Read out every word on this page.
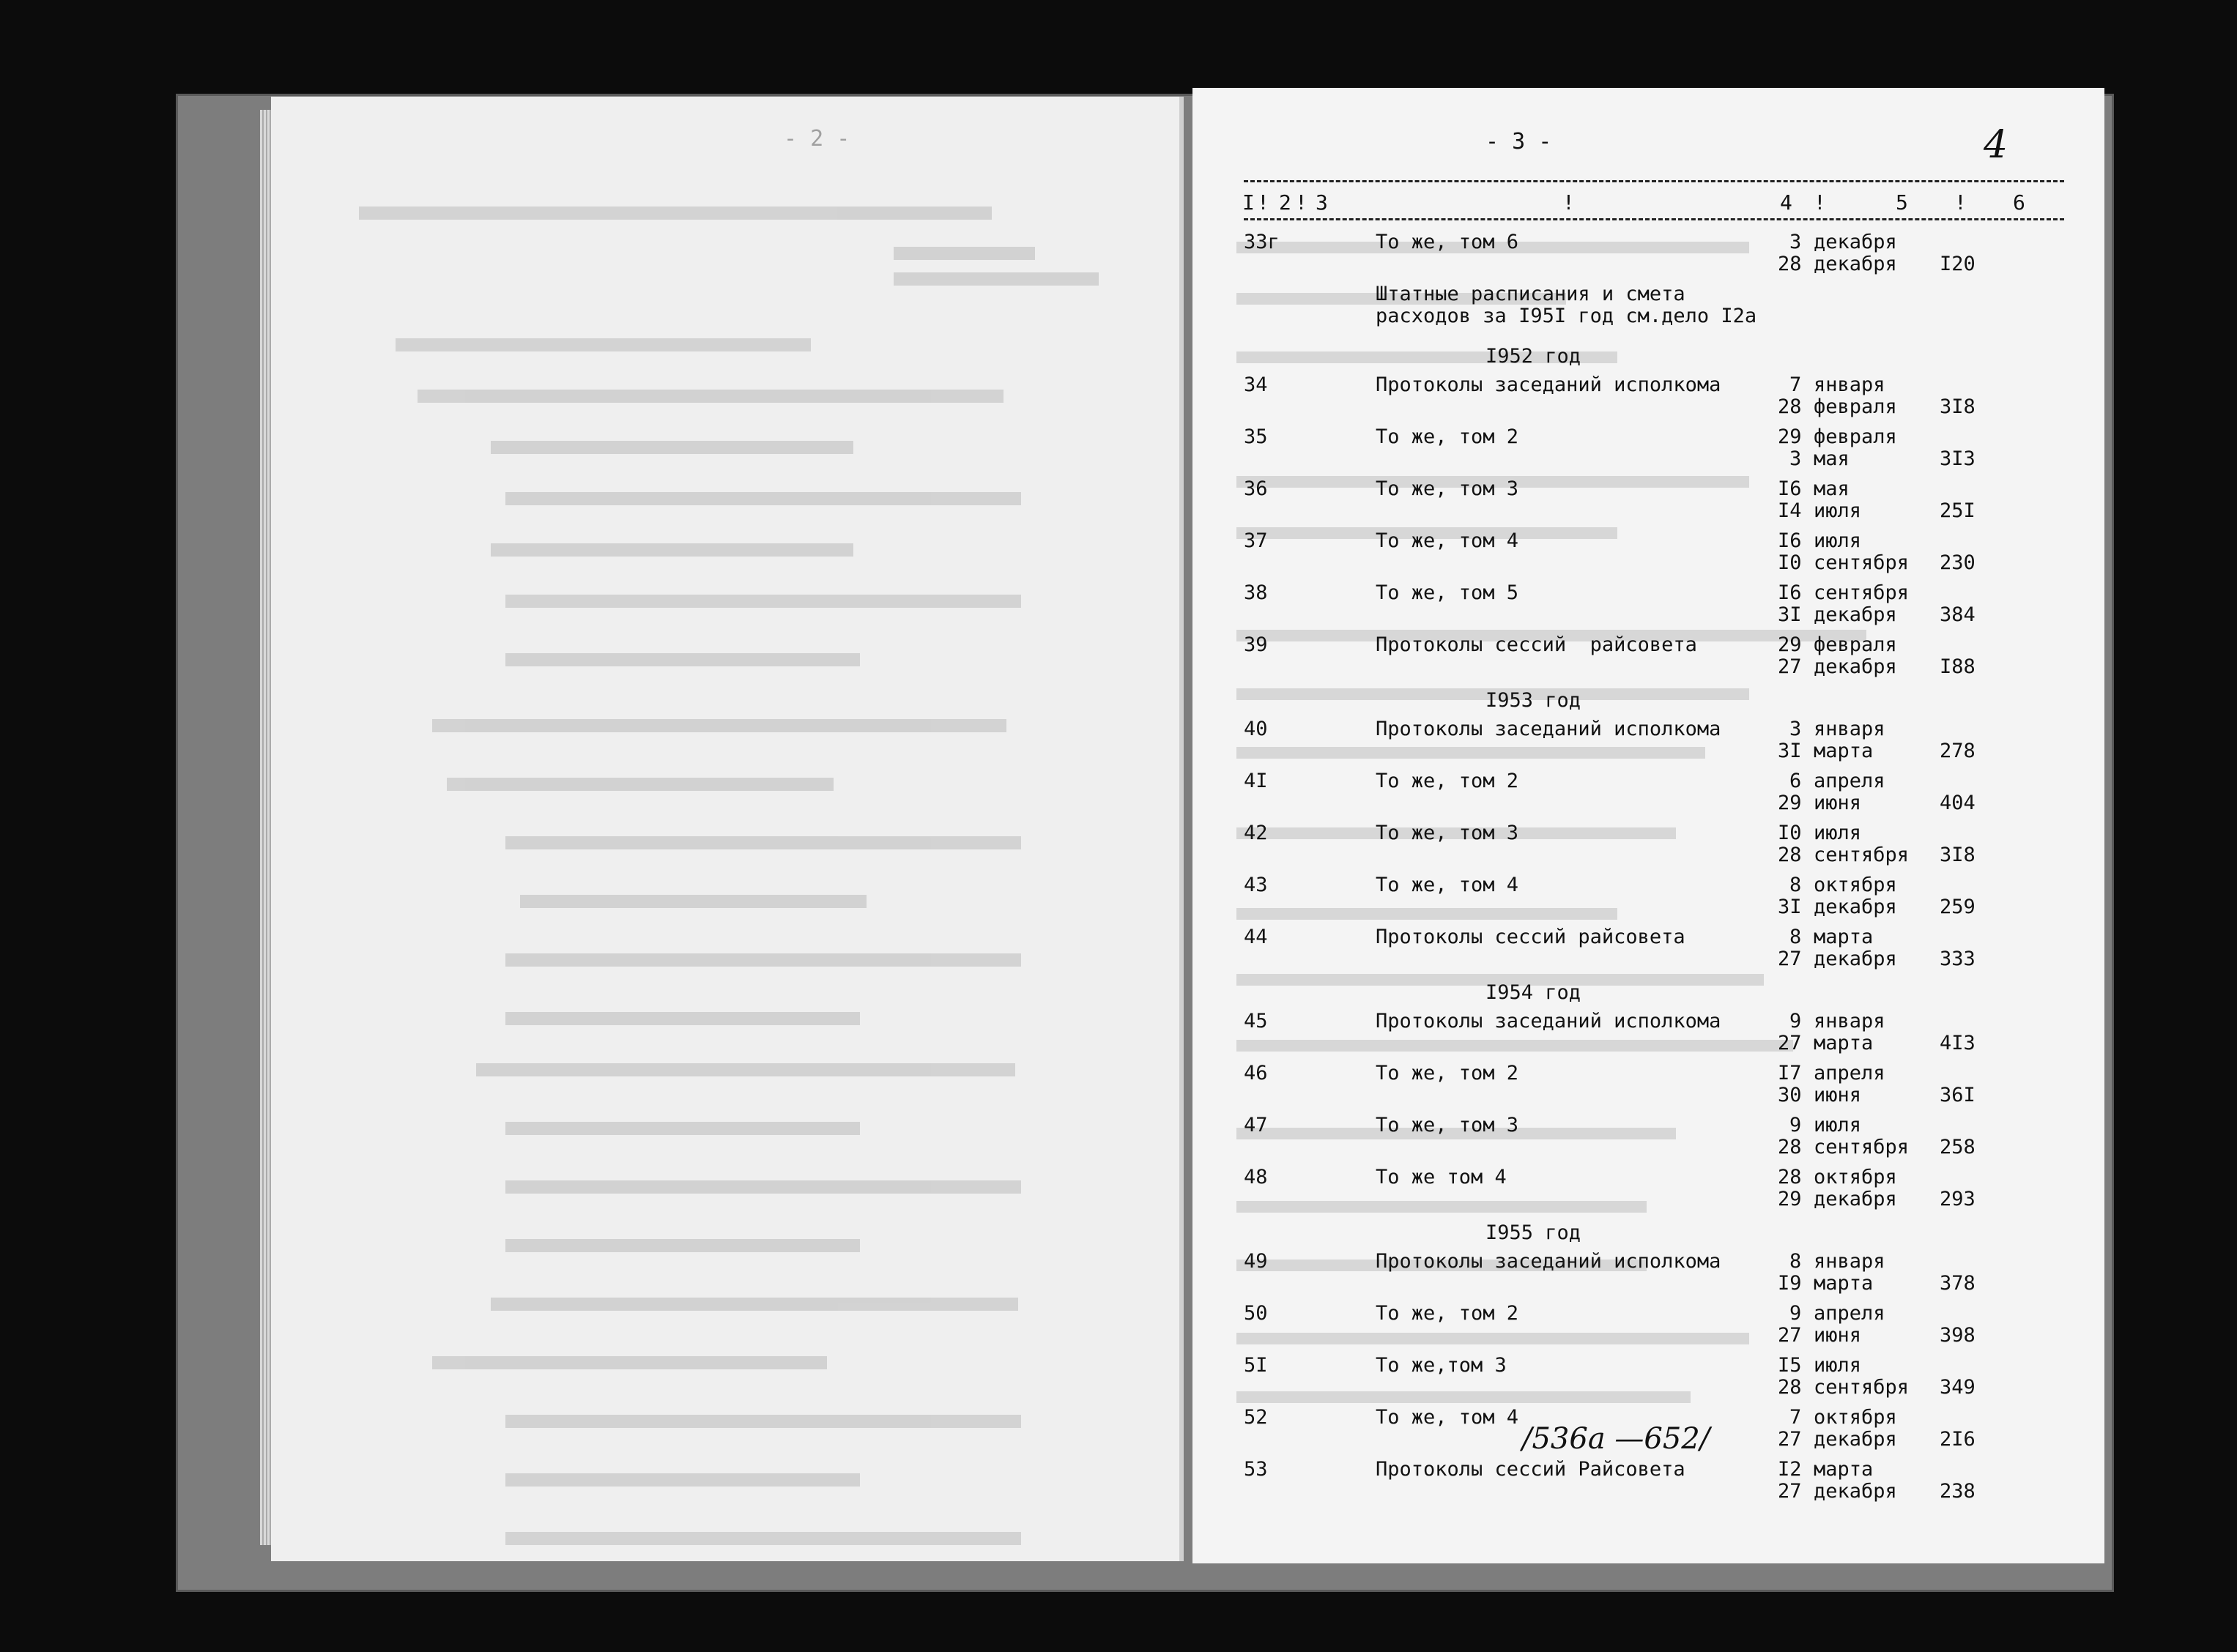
- 2 -	- 3 -	4
I ! 2 ! 3	!	4 !	5 ! 6
33г	То же, том 6	3 декабря
28 декабря I20
Штатные расписания и смета
расходов за I95I год см.дело I2а
I952 год
34	Протоколы заседаний исполкома	7 января
28 февраля 3I8
35	То же, том 2	29 февраля
3 мая	3I3
36	То же, том 3	I6 мая
I4 июля	25I
37	То же, том 4	I6 июля
I0 сентября 230
38	То же, том 5	I6 сентября
3I декабря 384
39	Протоколы сессий  райсовета	29 февраля
27 декабря I88
I953 год
40	Протоколы заседаний исполкома	3 января
3I марта	278
4I	То же, том 2	6 апреля
29 июня	404
42	То же, том 3	I0 июля
28 сентября 3I8
43	То же, том 4	8 октября
3I декабря 259
44	Протоколы сессий райсовета	8 марта
27 декабря 333
I954 год
45	Протоколы заседаний исполкома	9 января
27 марта	4I3
46	То же, том 2	I7 апреля
30 июня	36I
47	То же, том 3	9 июля
28 сентября 258
48	То же том 4	28 октября
29 декабря 293
I955 год
49	Протоколы заседаний исполкома	8 января
I9 марта	378
50	То же, том 2	9 апреля
27 июня	398
5I	То же,том 3	I5 июля
28 сентября 349
52	То же, том 4	7 октября
27 декабря 2I6
53	Протоколы сессий Райсовета	I2 марта
27 декабря 238
/536а —652/
